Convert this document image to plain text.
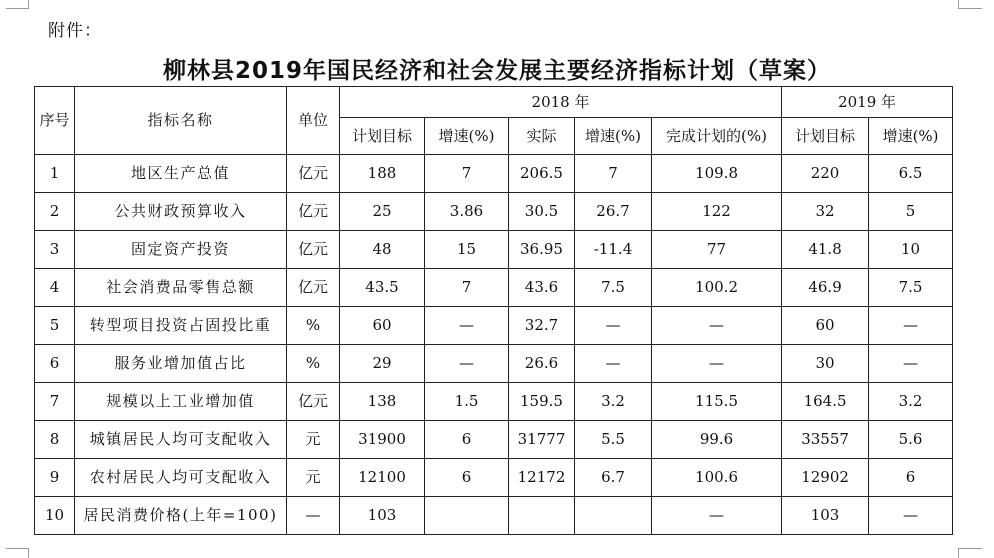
附件：
柳林县2019年国民经济和社会发展主要经济指标计划（草案）
序号	指标名称	单位	2018 年					2019 年	
			计划目标	增速(%)	实际	增速(%)	完成计划的(%)	计划目标	增速(%)
1	地区生产总值	亿元	188	7	206.5	7	109.8	220	6.5
2	公共财政预算收入	亿元	25	3.86	30.5	26.7	122	32	5
3	固定资产投资	亿元	48	15	36.95	-11.4	77	41.8	10
4	社会消费品零售总额	亿元	43.5	7	43.6	7.5	100.2	46.9	7.5
5	转型项目投资占固投比重	%	60	—	32.7	—	—	60	—
6	服务业增加值占比	%	29	—	26.6	—	—	30	—
7	规模以上工业增加值	亿元	138	1.5	159.5	3.2	115.5	164.5	3.2
8	城镇居民人均可支配收入	元	31900	6	31777	5.5	99.6	33557	5.6
9	农村居民人均可支配收入	元	12100	6	12172	6.7	100.6	12902	6
10	居民消费价格(上年=100)	—	103				—	103	—
